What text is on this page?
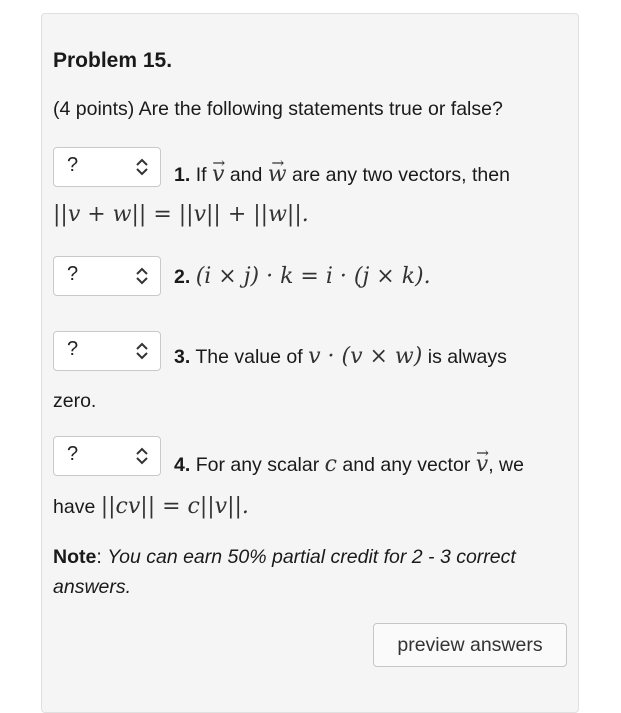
Problem 15.
(4 points) Are the following statements true or false?
?	1. If v → and w → are any two vectors, then
||v + w|| = ||v|| + ||w||.
?	2. (i × j) · k = i · (j × k).
?	3. The value of v · (v × w) is always
zero.
?	4. For any scalar c and any vector v →, we
have ||cv|| = c||v||.
Note: You can earn 50% partial credit for 2 - 3 correct
answers.
preview answers
